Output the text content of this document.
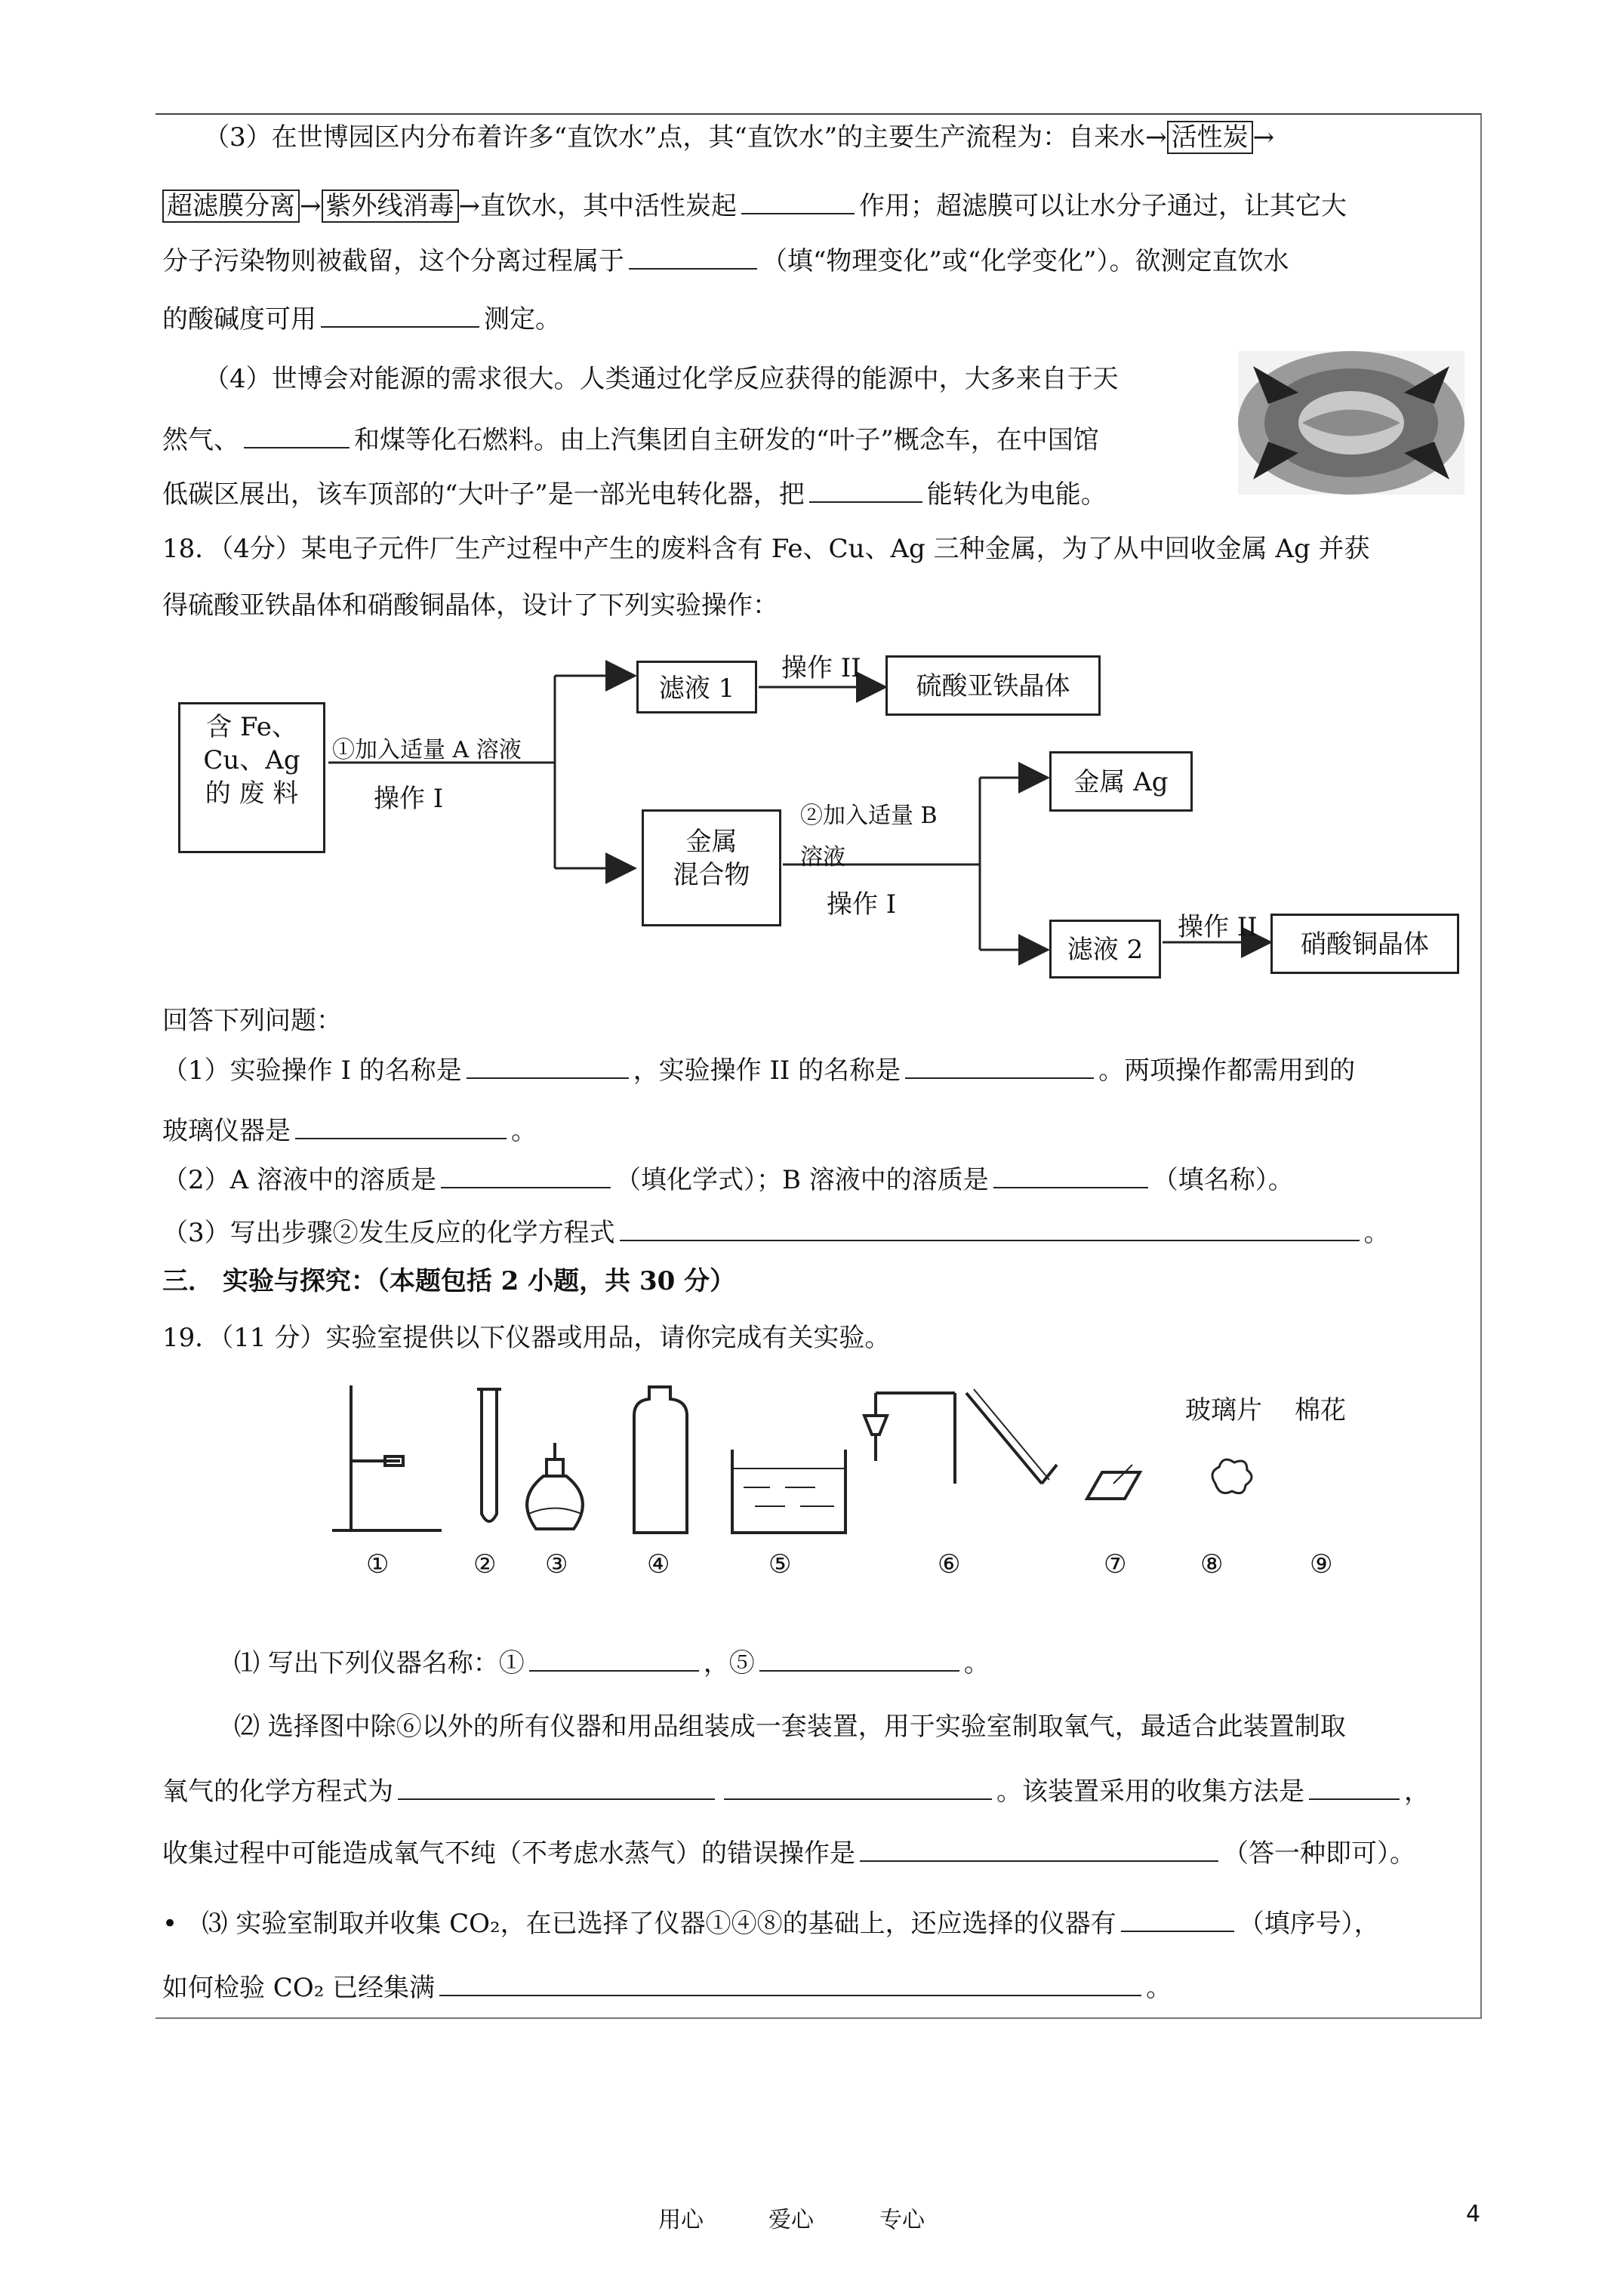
（3）在世博园区内分布着许多“直饮水”点，其“直饮水”的主要生产流程为：自来水→ 活性炭 →
超滤膜分离 → 紫外线消毒 →直饮水，其中活性炭起	作用；超滤膜可以让水分子通过，让其它大
分子污染物则被截留，这个分离过程属于	（填“物理变化”或“化学变化”）。欲测定直饮水
的酸碱度可用	测定。
（4）世博会对能源的需求很大。人类通过化学反应获得的能源中，大多来自于天
然气、	和煤等化石燃料。由上汽集团自主研发的“叶子”概念车，在中国馆
低碳区展出，该车顶部的“大叶子”是一部光电转化器，把	能转化为电能。
18．（4分）某电子元件厂生产过程中产生的废料含有 Fe、Cu、Ag 三种金属，为了从中回收金属 Ag 并获
得硫酸亚铁晶体和硝酸铜晶体，设计了下列实验操作：
含 Fe、
Cu、Ag
的 废 料
①加入适量 A 溶液
操作 I
滤液 1
操作 II
硫酸亚铁晶体
金属
混合物
②加入适量 B
溶液
操作 I
金属 Ag
滤液 2
操作 II
硝酸铜晶体
回答下列问题：
（1）实验操作 I 的名称是	，实验操作 II 的名称是	。两项操作都需用到的
玻璃仪器是	。
（2）A 溶液中的溶质是	（填化学式）；B 溶液中的溶质是	（填名称）。
（3）写出步骤②发生反应的化学方程式	。
三． 实验与探究：（本题包括 2 小题，共 30 分）
19．（11 分）实验室提供以下仪器或用品，请你完成有关实验。
玻璃片 棉花
①	② ③	④	⑤	⑥	⑦	⑧	⑨
⑴ 写出下列仪器名称：①	，⑤	。
⑵ 选择图中除⑥以外的所有仪器和用品组装成一套装置，用于实验室制取氧气，最适合此装置制取
氧气的化学方程式为	。该装置采用的收集方法是	，
收集过程中可能造成氧气不纯（不考虑水蒸气）的错误操作是	（答一种即可）。
• ⑶ 实验室制取并收集 CO₂，在已选择了仪器①④⑧的基础上，还应选择的仪器有	（填序号），
如何检验 CO₂ 已经集满	。
用心	爱心	专心	4
